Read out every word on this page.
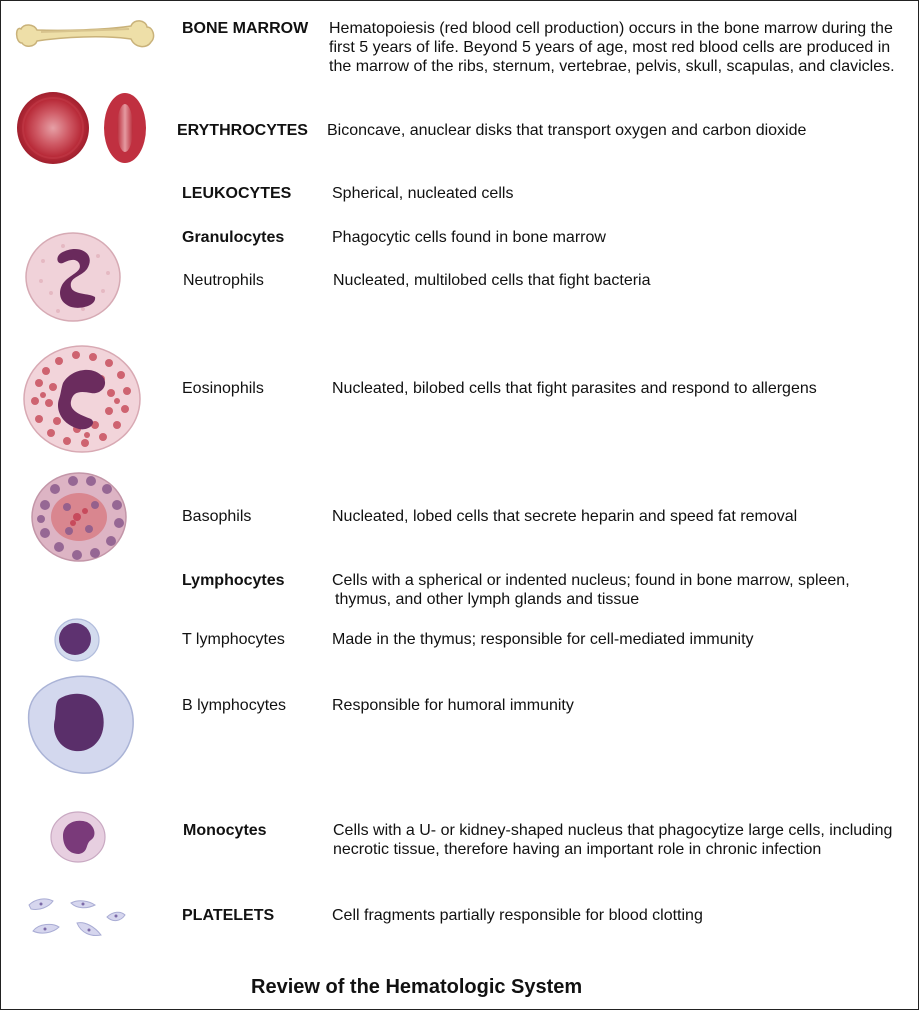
BONE MARROW Hematopoiesis (red blood cell production) occurs in the bone marrow during the first 5 years of life. Beyond 5 years of age, most red blood cells are produced in the marrow of the ribs, sternum, vertebrae, pelvis, skull, scapulas, and clavicles.
ERYTHROCYTES Biconcave, anuclear disks that transport oxygen and carbon dioxide
LEUKOCYTES	Spherical, nucleated cells
Granulocytes	Phagocytic cells found in bone marrow
Neutrophils	Nucleated, multilobed cells that fight bacteria
Eosinophils	Nucleated, bilobed cells that fight parasites and respond to allergens
Basophils	Nucleated, lobed cells that secrete heparin and speed fat removal
Lymphocytes	Cells with a spherical or indented nucleus; found in bone marrow, spleen,
thymus, and other lymph glands and tissue
T lymphocytes	Made in the thymus; responsible for cell-mediated immunity
B lymphocytes	Responsible for humoral immunity
Monocytes	Cells with a U- or kidney-shaped nucleus that phagocytize large cells, including
necrotic tissue, therefore having an important role in chronic infection
PLATELETS	Cell fragments partially responsible for blood clotting
Review of the Hematologic System
